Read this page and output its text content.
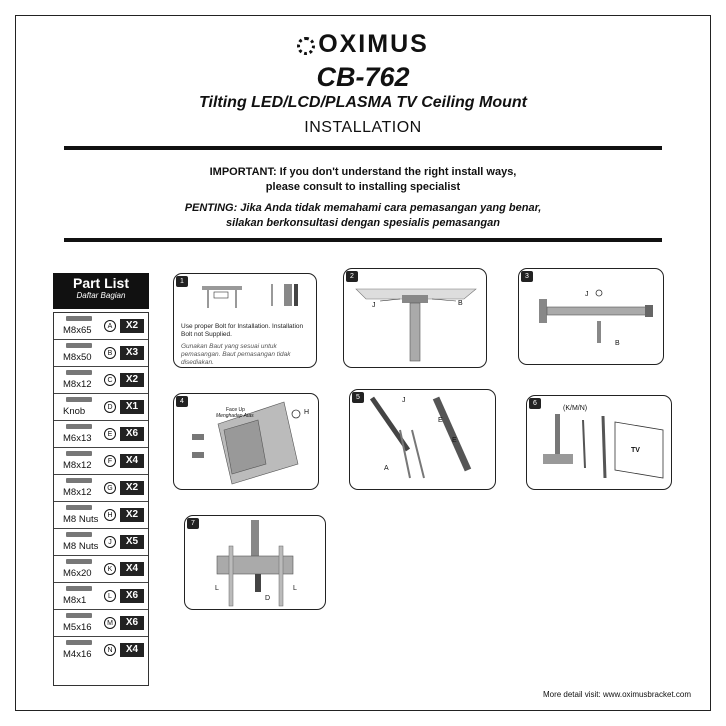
OXIMUS
CB-762
Tilting LED/LCD/PLASMA TV Ceiling Mount
INSTALLATION
IMPORTANT: If you don't understand the right install ways,
please consult to installing specialist
PENTING: Jika Anda tidak memahami cara pemasangan yang benar,
silakan berkonsultasi dengan spesialis pemasangan
Part List
Daftar Bagian
M8x65	A	X2
M8x50	B	X3
M8x12	C	X2
Knob	D	X1
M6x13	E	X6
M8x12	F	X4
M8x12	G	X2
M8 Nuts	H	X2
M8 Nuts	J	X5
M6x20	K	X4
M8x1	L	X6
M5x16	M	X6
M4x16	N	X4
1
Use proper Bolt for Installation. Installation Bolt not Supplied.
Gunakan Baut yang sesuai untuk pemasangan. Baut pemasangan tidak disediakan.
2
J	B
3
J
B
4
H
Face Up
Menghadap Atas
5	J
E
E
A
6
(K/M/N)
TV
7
L	L
D
More detail visit: www.oximusbracket.com
